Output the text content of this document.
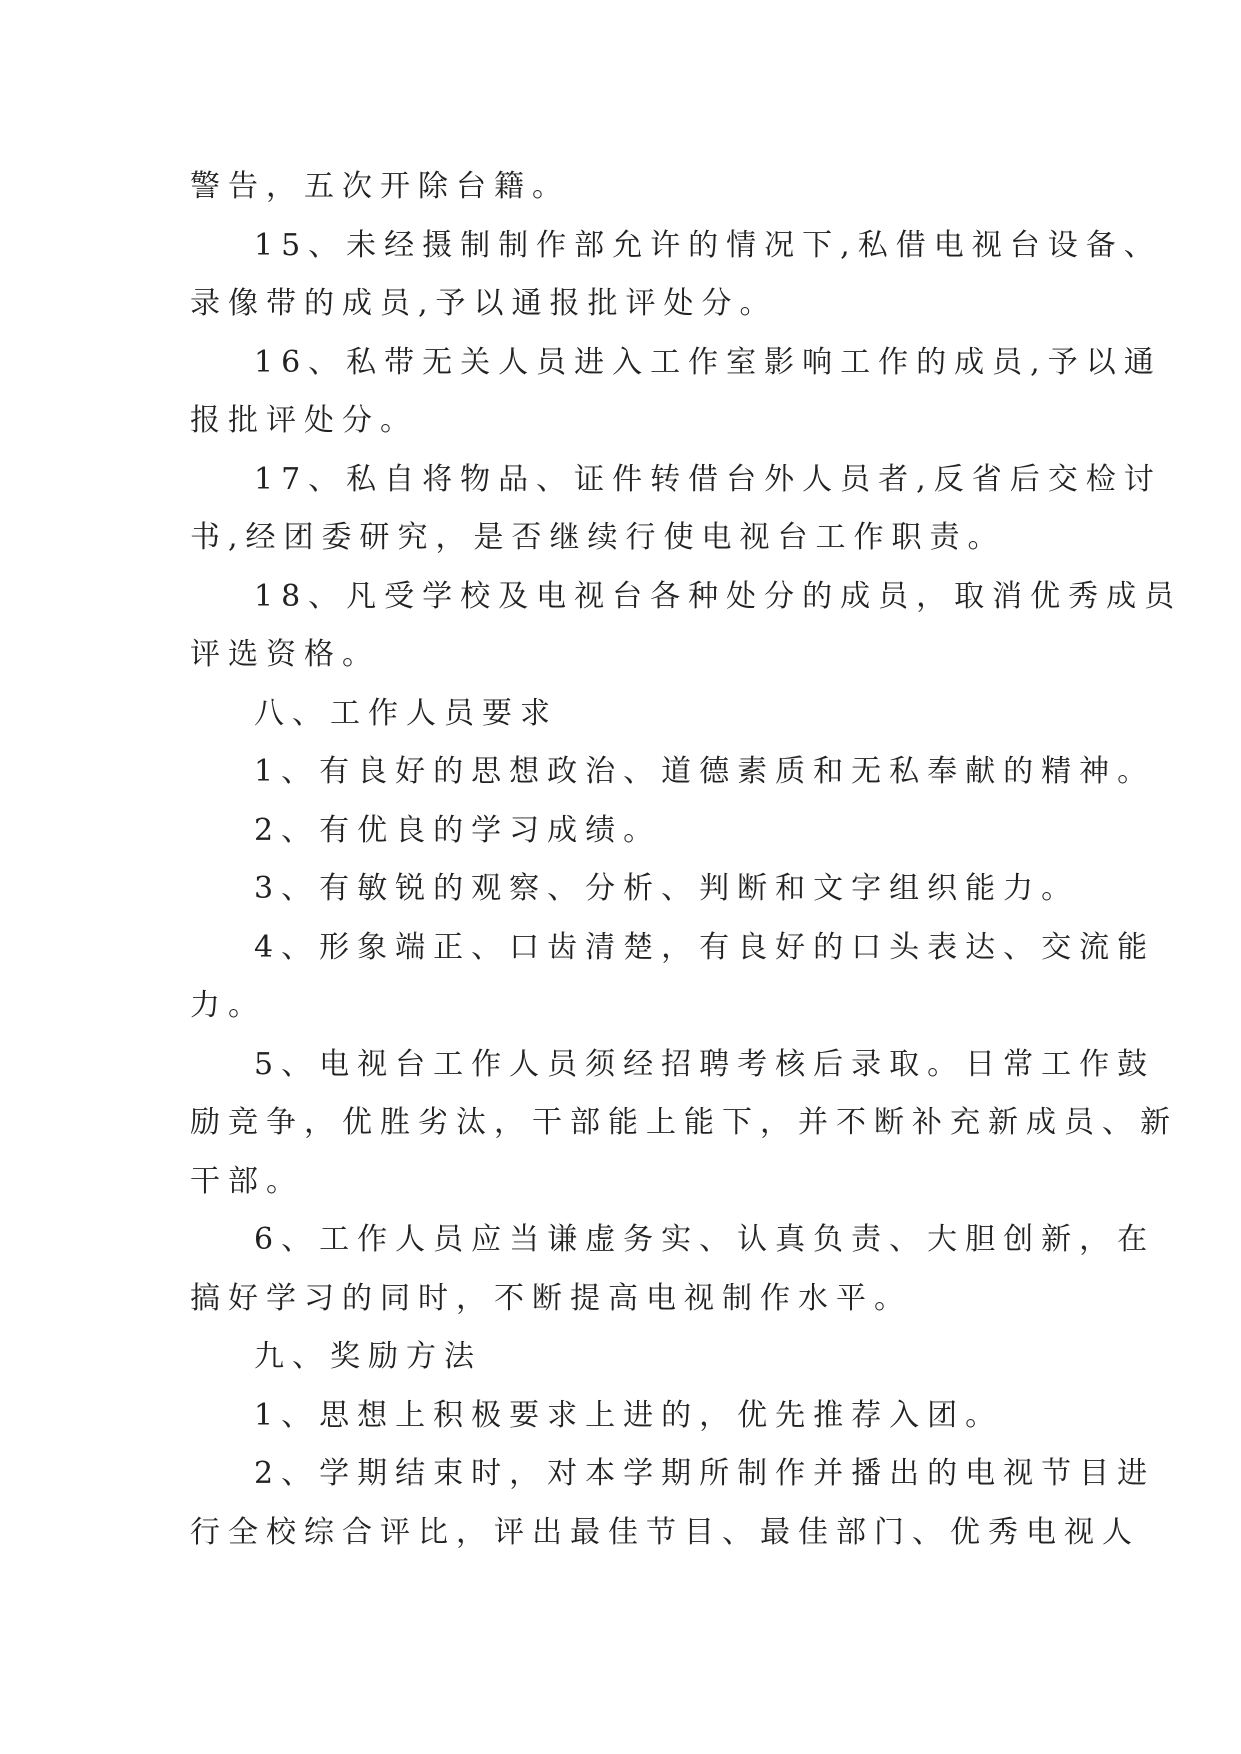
警告，五次开除台籍。

15、未经摄制制作部允许的情况下,私借电视台设备、
录像带的成员,予以通报批评处分。

16、私带无关人员进入工作室影响工作的成员,予以通
报批评处分。

17、私自将物品、证件转借台外人员者,反省后交检讨
书,经团委研究，是否继续行使电视台工作职责。

18、凡受学校及电视台各种处分的成员，取消优秀成员
评选资格。

八、工作人员要求

1、有良好的思想政治、道德素质和无私奉献的精神。

2、有优良的学习成绩。

3、有敏锐的观察、分析、判断和文字组织能力。

4、形象端正、口齿清楚，有良好的口头表达、交流能
力。

5、电视台工作人员须经招聘考核后录取。日常工作鼓
励竞争，优胜劣汰，干部能上能下，并不断补充新成员、新
干部。

6、工作人员应当谦虚务实、认真负责、大胆创新，在
搞好学习的同时，不断提高电视制作水平。

九、奖励方法

1、思想上积极要求上进的，优先推荐入团。

2、学期结束时，对本学期所制作并播出的电视节目进
行全校综合评比，评出最佳节目、最佳部门、优秀电视人
